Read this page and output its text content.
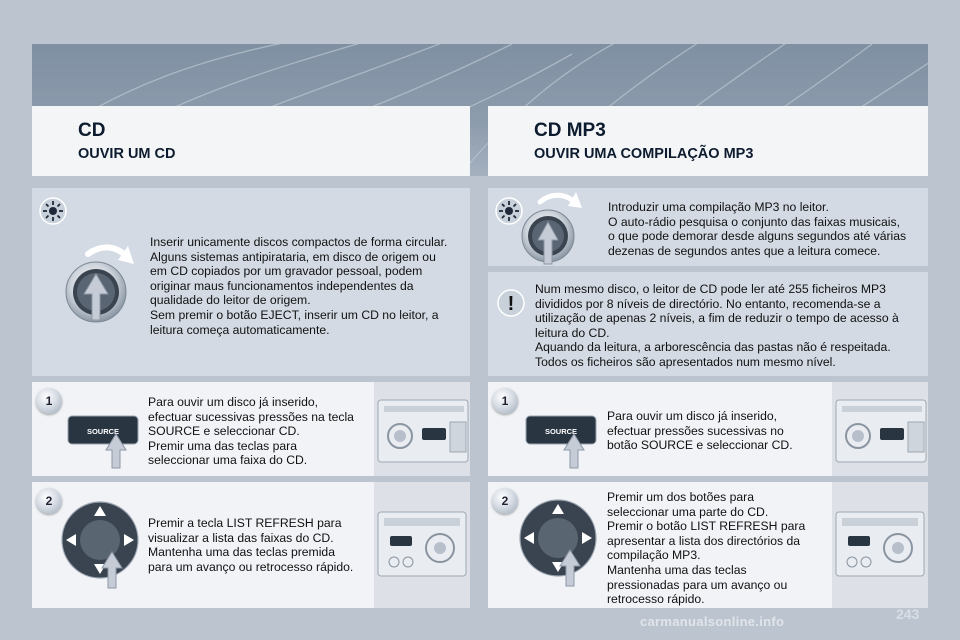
CD
OUVIR UM CD
CD MP3
OUVIR UMA COMPILAÇÃO MP3
Inserir unicamente discos compactos de forma circular.
Alguns sistemas antipirataria, em disco de origem ou
em CD copiados por um gravador pessoal, podem
originar maus funcionamentos independentes da
qualidade do leitor de origem.
Sem premir o botão EJECT, inserir um CD no leitor, a
leitura começa automaticamente.
1
SOURCE
Para ouvir um disco já inserido,
efectuar sucessivas pressões na tecla
SOURCE e seleccionar CD.
Premir uma das teclas para
seleccionar uma faixa do CD.
2
Premir a tecla LIST REFRESH para
visualizar a lista das faixas do CD.
Mantenha uma das teclas premida
para um avanço ou retrocesso rápido.
Introduzir uma compilação MP3 no leitor.
O auto-rádio pesquisa o conjunto das faixas musicais,
o que pode demorar desde alguns segundos até várias
dezenas de segundos antes que a leitura comece.
!
Num mesmo disco, o leitor de CD pode ler até 255 ficheiros MP3
divididos por 8 níveis de directório. No entanto, recomenda-se a
utilização de apenas 2 níveis, a fim de reduzir o tempo de acesso à
leitura do CD.
Aquando da leitura, a arborescência das pastas não é respeitada.
Todos os ficheiros são apresentados num mesmo nível.
1
SOURCE
Para ouvir um disco já inserido,
efectuar pressões sucessivas no
botão SOURCE e seleccionar CD.
2	Premir um dos botões para
seleccionar uma parte do CD.
Premir o botão LIST REFRESH para
apresentar a lista dos directórios da
compilação MP3.
Mantenha uma das teclas
pressionadas para um avanço ou
retrocesso rápido.
carmanualsonline.info	243
